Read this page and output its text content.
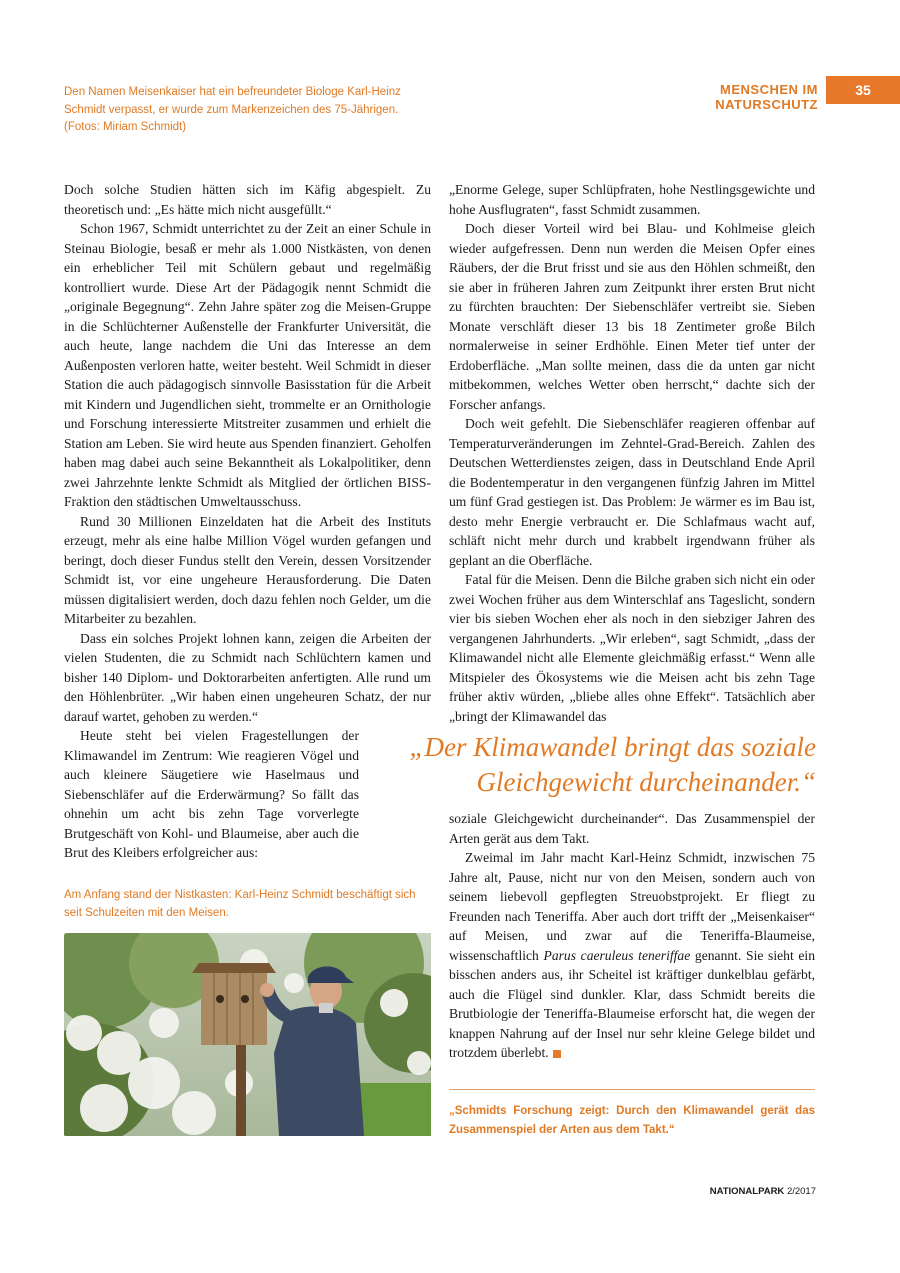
Den Namen Meisenkaiser hat ein befreundeter Biologe Karl-Heinz Schmidt verpasst, er wurde zum Markenzeichen des 75-Jährigen. (Fotos: Miriam Schmidt)
MENSCHEN IM NATURSCHUTZ
35

Doch solche Studien hätten sich im Käfig abgespielt. Zu theoretisch und: „Es hätte mich nicht ausgefüllt.“

Schon 1967, Schmidt unterrichtet zu der Zeit an einer Schule in Steinau Biologie, besaß er mehr als 1.000 Nistkästen, von denen ein erheblicher Teil mit Schülern gebaut und regelmäßig kontrolliert wurde. Diese Art der Pädagogik nennt Schmidt die „originale Begegnung“. Zehn Jahre später zog die Meisen-Gruppe in die Schlüchterner Außenstelle der Frankfurter Universität, die auch heute, lange nachdem die Uni das Interesse an dem Außenposten verloren hatte, weiter besteht. Weil Schmidt in dieser Station die auch pädagogisch sinnvolle Basisstation für die Arbeit mit Kindern und Jugendlichen sieht, trommelte er an Ornithologie und Forschung interessierte Mitstreiter zusammen und erhielt die Station am Leben. Sie wird heute aus Spenden finanziert. Geholfen haben mag dabei auch seine Bekanntheit als Lokalpolitiker, denn zwei Jahrzehnte lenkte Schmidt als Mitglied der örtlichen BISS-Fraktion den städtischen Umweltausschuss.

Rund 30 Millionen Einzeldaten hat die Arbeit des Instituts erzeugt, mehr als eine halbe Million Vögel wurden gefangen und beringt, doch dieser Fundus stellt den Verein, dessen Vorsitzender Schmidt ist, vor eine ungeheure Herausforderung. Die Daten müssen digitalisiert werden, doch dazu fehlen noch Gelder, um die Mitarbeiter zu bezahlen.

Dass ein solches Projekt lohnen kann, zeigen die Arbeiten der vielen Studenten, die zu Schmidt nach Schlüchtern kamen und bisher 140 Diplom- und Doktorarbeiten anfertigten. Alle rund um den Höhlenbrüter. „Wir haben einen ungeheuren Schatz, der nur darauf wartet, gehoben zu werden.“

Heute steht bei vielen Fragestellungen der Klimawandel im Zentrum: Wie reagieren Vögel und auch kleinere Säugetiere wie Haselmaus und Siebenschläfer auf die Erderwärmung? So fällt das ohnehin um acht bis zehn Tage vorverlegte Brutgeschäft von Kohl- und Blaumeise, aber auch die Brut des Kleibers erfolgreicher aus:

Am Anfang stand der Nistkasten: Karl-Heinz Schmidt beschäftigt sich seit Schulzeiten mit den Meisen.
„Der Klimawandel bringt das soziale
Gleichgewicht durcheinander.“

„Enorme Gelege, super Schlüpfraten, hohe Nestlingsgewichte und hohe Ausflugraten“, fasst Schmidt zusammen.

Doch dieser Vorteil wird bei Blau- und Kohlmeise gleich wieder aufgefressen. Denn nun werden die Meisen Opfer eines Räubers, der die Brut frisst und sie aus den Höhlen schmeißt, den sie aber in früheren Jahren zum Zeitpunkt ihrer ersten Brut nicht zu fürchten brauchten: Der Siebenschläfer vertreibt sie. Sieben Monate verschläft dieser 13 bis 18 Zentimeter große Bilch normalerweise in seiner Erdhöhle. Einen Meter tief unter der Erdoberfläche. „Man sollte meinen, dass die da unten gar nicht mitbekommen, welches Wetter oben herrscht,“ dachte sich der Forscher anfangs.

Doch weit gefehlt. Die Siebenschläfer reagieren offenbar auf Temperaturveränderungen im Zehntel-Grad-Bereich. Zahlen des Deutschen Wetterdienstes zeigen, dass in Deutschland Ende April die Bodentemperatur in den vergangenen fünfzig Jahren im Mittel um fünf Grad gestiegen ist. Das Problem: Je wärmer es im Bau ist, desto mehr Energie verbraucht er. Die Schlafmaus wacht auf, schläft nicht mehr durch und krabbelt irgendwann früher als geplant an die Oberfläche.

Fatal für die Meisen. Denn die Bilche graben sich nicht ein oder zwei Wochen früher aus dem Winterschlaf ans Tageslicht, sondern vier bis sieben Wochen eher als noch in den siebziger Jahren des vergangenen Jahrhunderts. „Wir erleben“, sagt Schmidt, „dass der Klimawandel nicht alle Elemente gleichmäßig erfasst.“ Wenn alle Mitspieler des Ökosystems wie die Meisen acht bis zehn Tage früher aktiv würden, „bliebe alles ohne Effekt“. Tatsächlich aber „bringt der Klimawandel das

soziale Gleichgewicht durcheinander“. Das Zusammenspiel der Arten gerät aus dem Takt.

Zweimal im Jahr macht Karl-Heinz Schmidt, inzwischen 75 Jahre alt, Pause, nicht nur von den Meisen, sondern auch von seinem liebevoll gepflegten Streuobstprojekt. Er fliegt zu Freunden nach Teneriffa. Aber auch dort trifft der „Meisenkaiser“ auf Meisen, und zwar auf die Teneriffa-Blaumeise, wissenschaftlich Parus caeruleus teneriffae genannt. Sie sieht ein bisschen anders aus, ihr Scheitel ist kräftiger dunkelblau gefärbt, auch die Flügel sind dunkler. Klar, dass Schmidt bereits die Brutbiologie der Teneriffa-Blaumeise erforscht hat, die wegen der knappen Nahrung auf der Insel nur sehr kleine Gelege bildet und trotzdem überlebt.

„Schmidts Forschung zeigt: Durch den Klimawandel gerät das Zusammenspiel der Arten aus dem Takt.“
NATIONALPARK 2/2017
